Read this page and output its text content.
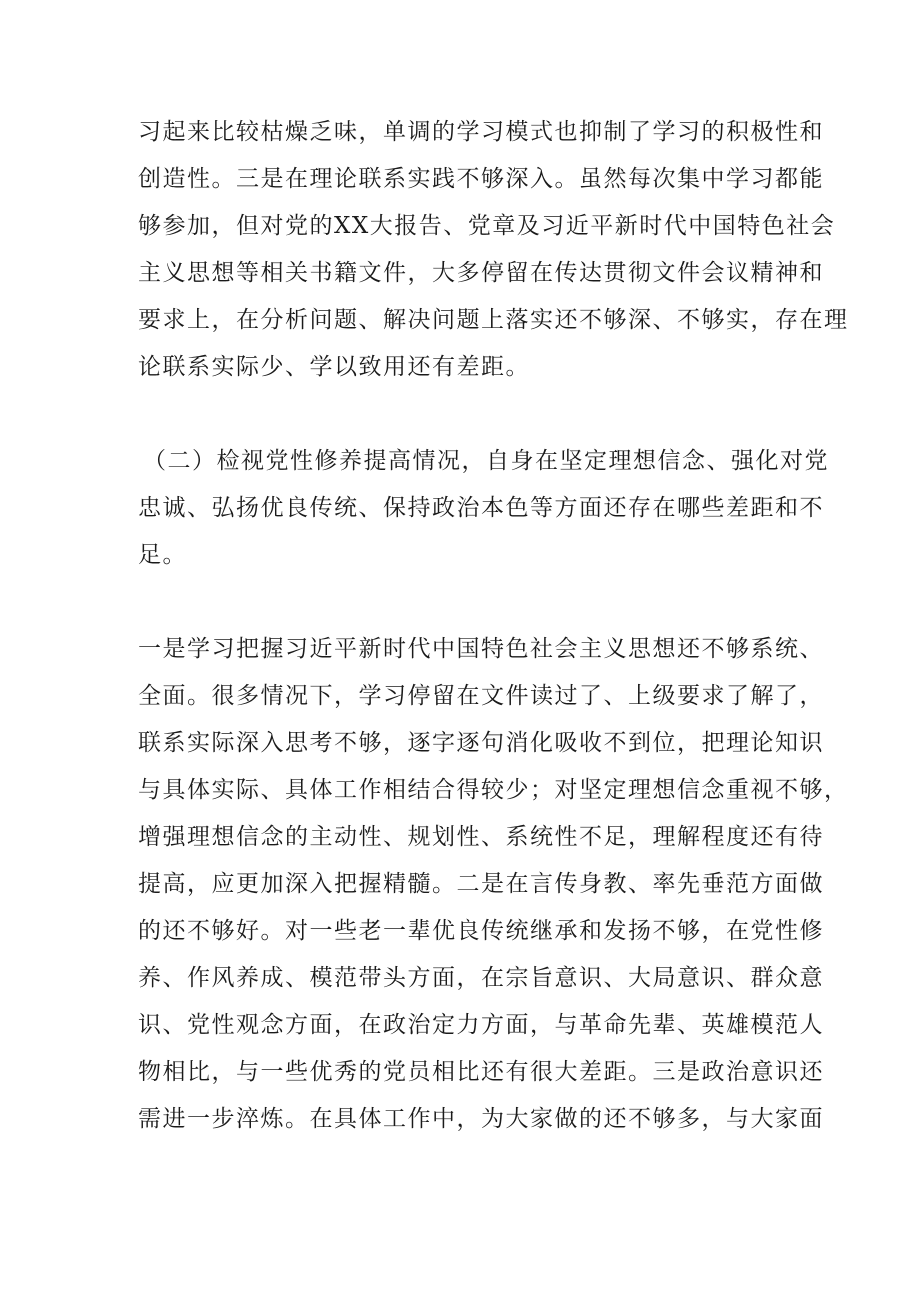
习起来比较枯燥乏味，单调的学习模式也抑制了学习的积极性和
创造性。三是在理论联系实践不够深入。虽然每次集中学习都能
够参加，但对党的XX大报告、党章及习近平新时代中国特色社会
主义思想等相关书籍文件，大多停留在传达贯彻文件会议精神和
要求上，在分析问题、解决问题上落实还不够深、不够实，存在理
论联系实际少、学以致用还有差距。
（二）检视党性修养提高情况，自身在坚定理想信念、强化对党
忠诚、弘扬优良传统、保持政治本色等方面还存在哪些差距和不
足。
一是学习把握习近平新时代中国特色社会主义思想还不够系统、
全面。很多情况下，学习停留在文件读过了、上级要求了解了，
联系实际深入思考不够，逐字逐句消化吸收不到位，把理论知识
与具体实际、具体工作相结合得较少；对坚定理想信念重视不够，
增强理想信念的主动性、规划性、系统性不足，理解程度还有待
提高，应更加深入把握精髓。二是在言传身教、率先垂范方面做
的还不够好。对一些老一辈优良传统继承和发扬不够，在党性修
养、作风养成、模范带头方面，在宗旨意识、大局意识、群众意
识、党性观念方面，在政治定力方面，与革命先辈、英雄模范人
物相比，与一些优秀的党员相比还有很大差距。三是政治意识还
需进一步淬炼。在具体工作中，为大家做的还不够多，与大家面
